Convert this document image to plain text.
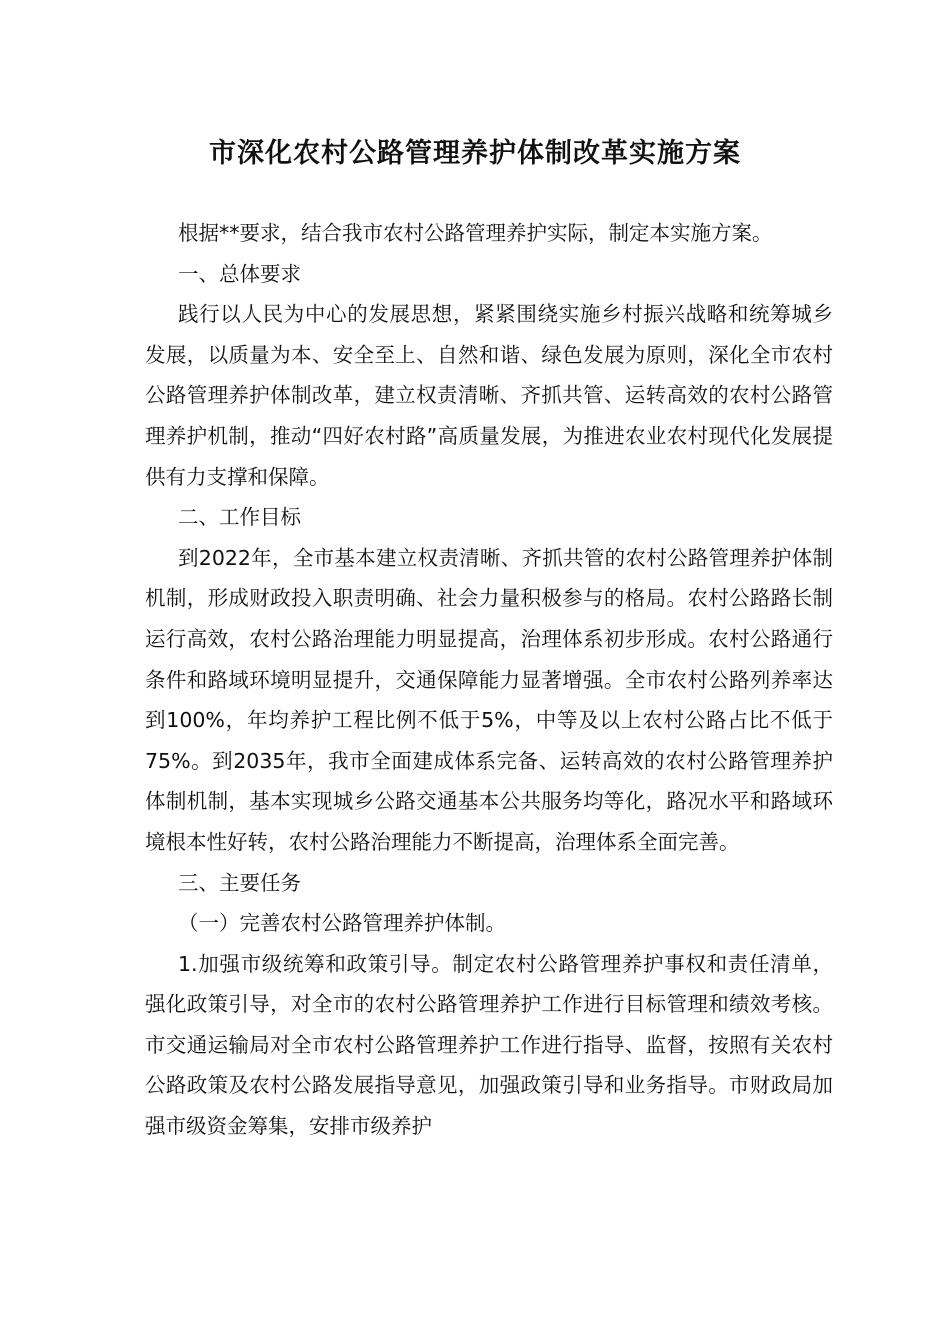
市深化农村公路管理养护体制改革实施方案

根据**要求，结合我市农村公路管理养护实际，制定本实施方案。

一、总体要求

践行以人民为中心的发展思想，紧紧围绕实施乡村振兴战略和统筹城乡发展，以质量为本、安全至上、自然和谐、绿色发展为原则，深化全市农村公路管理养护体制改革，建立权责清晰、齐抓共管、运转高效的农村公路管理养护机制，推动“四好农村路”高质量发展，为推进农业农村现代化发展提供有力支撑和保障。

二、工作目标

到2022年，全市基本建立权责清晰、齐抓共管的农村公路管理养护体制机制，形成财政投入职责明确、社会力量积极参与的格局。农村公路路长制运行高效，农村公路治理能力明显提高，治理体系初步形成。农村公路通行条件和路域环境明显提升，交通保障能力显著增强。全市农村公路列养率达到100%，年均养护工程比例不低于5%，中等及以上农村公路占比不低于75%。到2035年，我市全面建成体系完备、运转高效的农村公路管理养护体制机制，基本实现城乡公路交通基本公共服务均等化，路况水平和路域环境根本性好转，农村公路治理能力不断提高，治理体系全面完善。

三、主要任务

（一）完善农村公路管理养护体制。

1.加强市级统筹和政策引导。制定农村公路管理养护事权和责任清单，强化政策引导，对全市的农村公路管理养护工作进行目标管理和绩效考核。市交通运输局对全市农村公路管理养护工作进行指导、监督，按照有关农村公路政策及农村公路发展指导意见，加强政策引导和业务指导。市财政局加强市级资金筹集，安排市级养护
